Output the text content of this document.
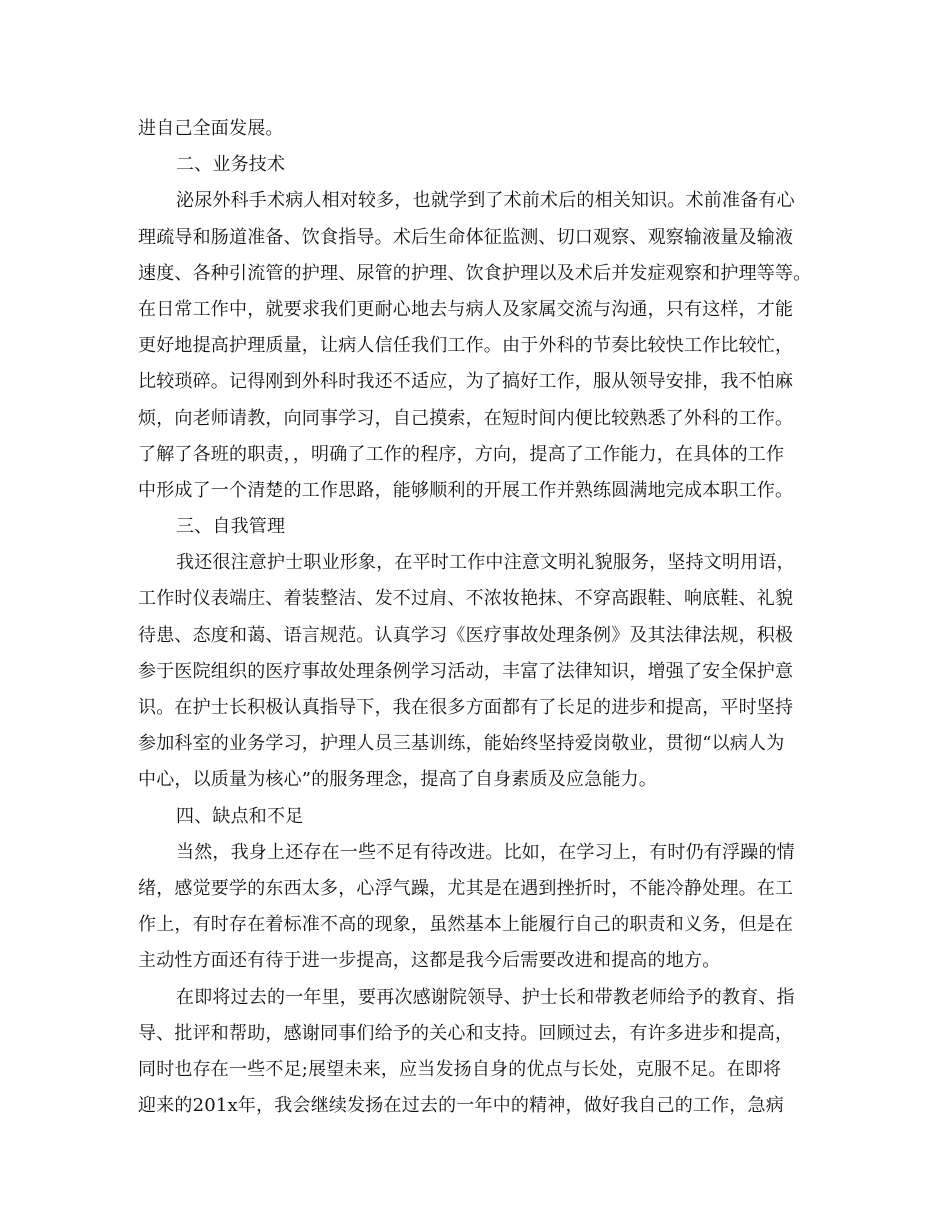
进自己全面发展。
二、业务技术
泌尿外科手术病人相对较多，也就学到了术前术后的相关知识。术前准备有心
理疏导和肠道准备、饮食指导。术后生命体征监测、切口观察、观察输液量及输液
速度、各种引流管的护理、尿管的护理、饮食护理以及术后并发症观察和护理等等。
在日常工作中，就要求我们更耐心地去与病人及家属交流与沟通，只有这样，才能
更好地提高护理质量，让病人信任我们工作。由于外科的节奏比较快工作比较忙，
比较琐碎。记得刚到外科时我还不适应，为了搞好工作，服从领导安排，我不怕麻
烦，向老师请教，向同事学习，自己摸索，在短时间内便比较熟悉了外科的工作。
了解了各班的职责，，明确了工作的程序，方向，提高了工作能力，在具体的工作
中形成了一个清楚的工作思路，能够顺利的开展工作并熟练圆满地完成本职工作。
三、自我管理
我还很注意护士职业形象，在平时工作中注意文明礼貌服务，坚持文明用语，
工作时仪表端庄、着装整洁、发不过肩、不浓妆艳抹、不穿高跟鞋、响底鞋、礼貌
待患、态度和蔼、语言规范。认真学习《医疗事故处理条例》及其法律法规，积极
参于医院组织的医疗事故处理条例学习活动，丰富了法律知识，增强了安全保护意
识。在护士长积极认真指导下，我在很多方面都有了长足的进步和提高，平时坚持
参加科室的业务学习，护理人员三基训练，能始终坚持爱岗敬业，贯彻“以病人为
中心，以质量为核心”的服务理念，提高了自身素质及应急能力。
四、缺点和不足
当然，我身上还存在一些不足有待改进。比如，在学习上，有时仍有浮躁的情
绪，感觉要学的东西太多，心浮气躁，尤其是在遇到挫折时，不能冷静处理。在工
作上，有时存在着标准不高的现象，虽然基本上能履行自己的职责和义务，但是在
主动性方面还有待于进一步提高，这都是我今后需要改进和提高的地方。
在即将过去的一年里，要再次感谢院领导、护士长和带教老师给予的教育、指
导、批评和帮助，感谢同事们给予的关心和支持。回顾过去，有许多进步和提高，
同时也存在一些不足;展望未来，应当发扬自身的优点与长处，克服不足。在即将
迎来的201x年，我会继续发扬在过去的一年中的精神，做好我自己的工作，急病
